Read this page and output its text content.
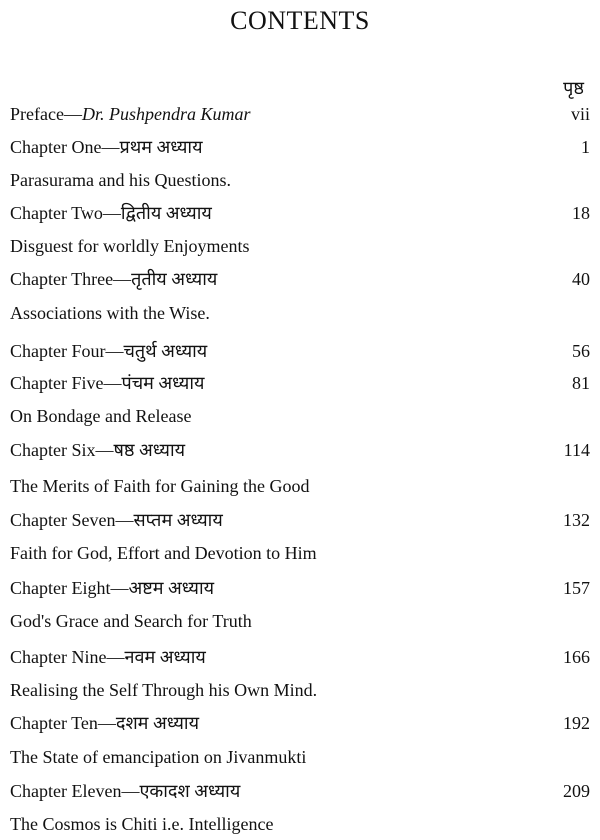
CONTENTS
पृष्ठ
Preface—Dr. Pushpendra Kumar	vii
Chapter One—प्रथम अध्याय	1
Parasurama and his Questions.
Chapter Two—द्वितीय अध्याय	18
Disguest for worldly Enjoyments
Chapter Three—तृतीय अध्याय	40
Associations with the Wise.
Chapter Four—चतुर्थ अध्याय	56
Chapter Five—पंचम अध्याय	81
On Bondage and Release
Chapter Six—षष्ठ अध्याय	114
The Merits of Faith for Gaining the Good
Chapter Seven—सप्तम अध्याय	132
Faith for God, Effort and Devotion to Him
Chapter Eight—अष्टम अध्याय	157
God's Grace and Search for Truth
Chapter Nine—नवम अध्याय	166
Realising the Self Through his Own Mind.
Chapter Ten—दशम अध्याय	192
The State of emancipation on Jivanmukti
Chapter Eleven—एकादश अध्याय	209
The Cosmos is Chiti i.e. Intelligence
